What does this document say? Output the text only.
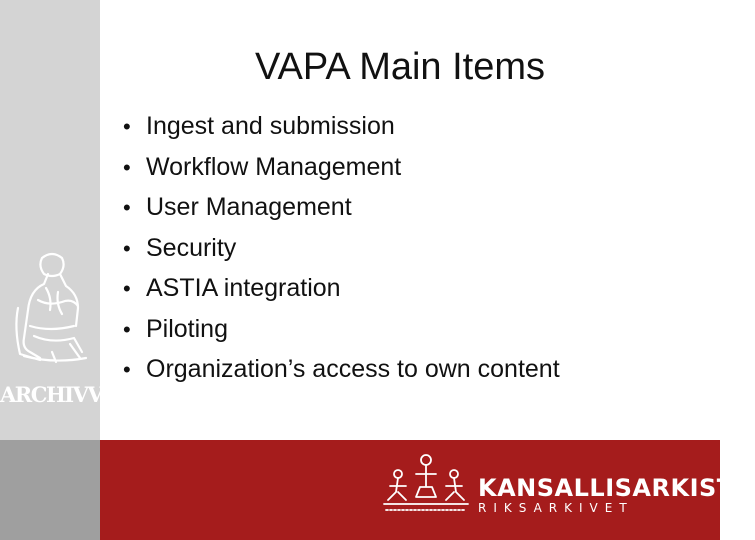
ARCHIVVM
VAPA Main Items
• Ingest and submission
• Workflow Management
• User Management
• Security
• ASTIA integration
• Piloting
• Organization’s access to own content
KANSALLISARKISTO
RIKSARKIVET
